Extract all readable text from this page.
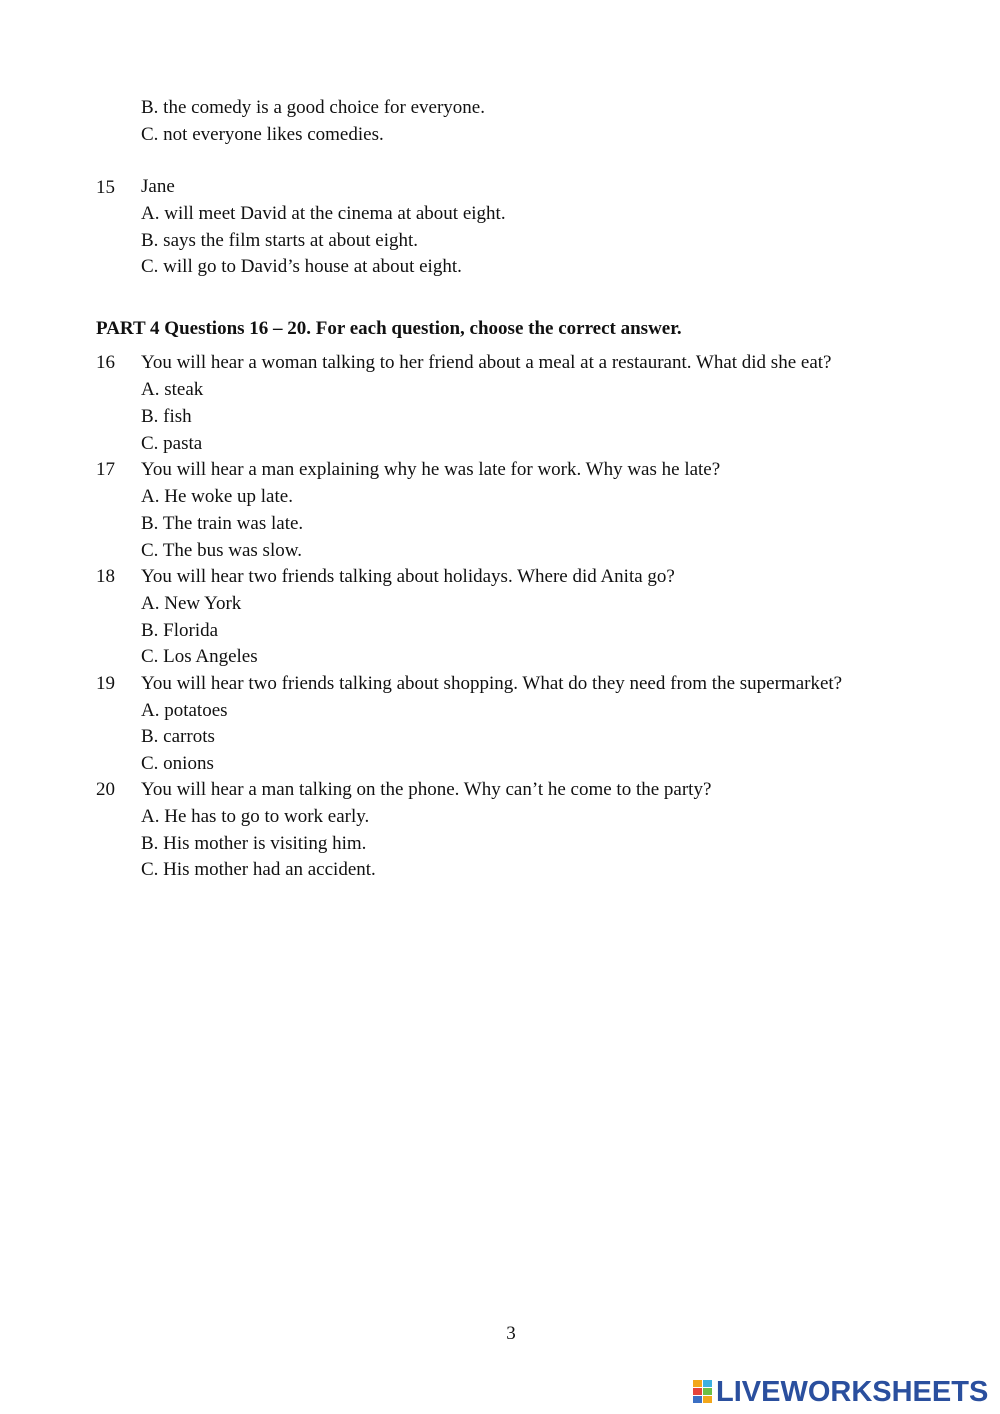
B. the comedy is a good choice for everyone.
C. not everyone likes comedies.
15 Jane
A. will meet David at the cinema at about eight.
B. says the film starts at about eight.
C. will go to David’s house at about eight.
PART 4 Questions 16 – 20. For each question, choose the correct answer.
16 You will hear a woman talking to her friend about a meal at a restaurant. What did she eat?
A. steak
B. fish
C. pasta
17 You will hear a man explaining why he was late for work. Why was he late?
A. He woke up late.
B. The train was late.
C. The bus was slow.
18 You will hear two friends talking about holidays. Where did Anita go?
A. New York
B. Florida
C. Los Angeles
19 You will hear two friends talking about shopping. What do they need from the supermarket?
A. potatoes
B. carrots
C. onions
20 You will hear a man talking on the phone. Why can’t he come to the party?
A. He has to go to work early.
B. His mother is visiting him.
C. His mother had an accident.
3
LIVEWORKSHEETS
